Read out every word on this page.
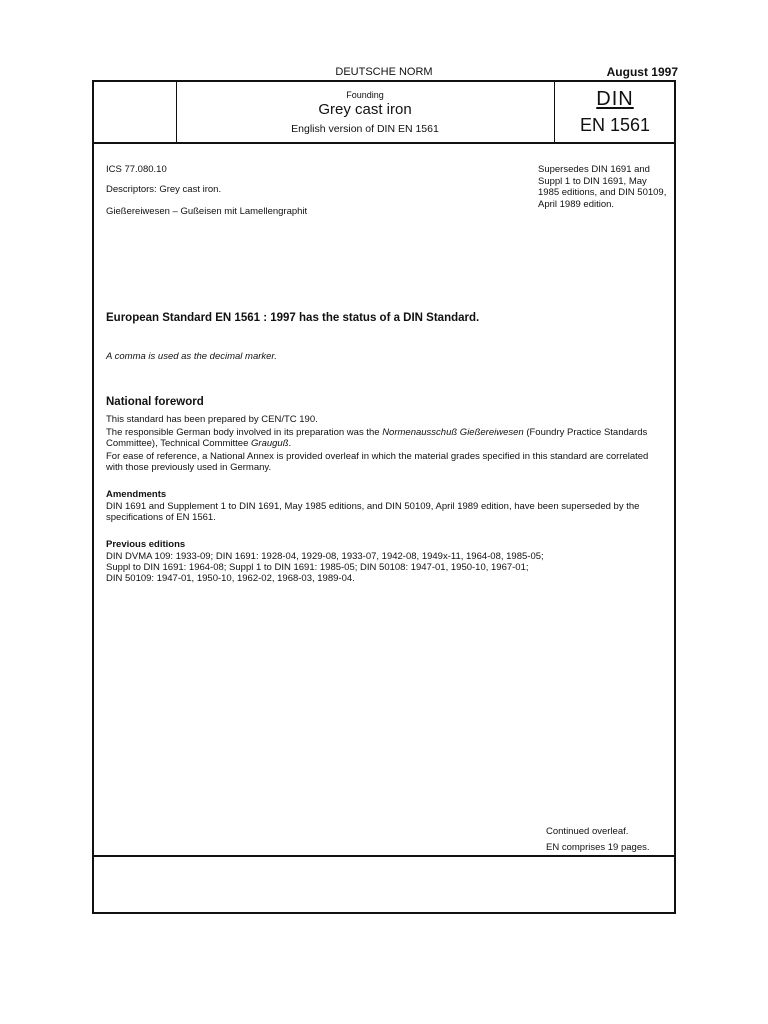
DEUTSCHE NORM	August 1997
Founding
Grey cast iron
English version of DIN EN 1561
DIN
EN 1561
ICS 77.080.10
Descriptors: Grey cast iron.
Gießereiwesen – Gußeisen mit Lamellengraphit
Supersedes DIN 1691 and Suppl 1 to DIN 1691, May 1985 editions, and DIN 50109, April 1989 edition.
European Standard EN 1561 : 1997 has the status of a DIN Standard.
A comma is used as the decimal marker.
National foreword
This standard has been prepared by CEN/TC 190.
The responsible German body involved in its preparation was the Normenausschuß Gießereiwesen (Foundry Practice Standards Committee), Technical Committee Grauguß.
For ease of reference, a National Annex is provided overleaf in which the material grades specified in this standard are correlated with those previously used in Germany.
Amendments
DIN 1691 and Supplement 1 to DIN 1691, May 1985 editions, and DIN 50109, April 1989 edition, have been superseded by the specifications of EN 1561.
Previous editions
DIN DVMA 109: 1933-09; DIN 1691: 1928-04, 1929-08, 1933-07, 1942-08, 1949x-11, 1964-08, 1985-05;
Suppl to DIN 1691: 1964-08; Suppl 1 to DIN 1691: 1985-05; DIN 50108: 1947-01, 1950-10, 1967-01;
DIN 50109: 1947-01, 1950-10, 1962-02, 1968-03, 1989-04.
Continued overleaf.
EN comprises 19 pages.
